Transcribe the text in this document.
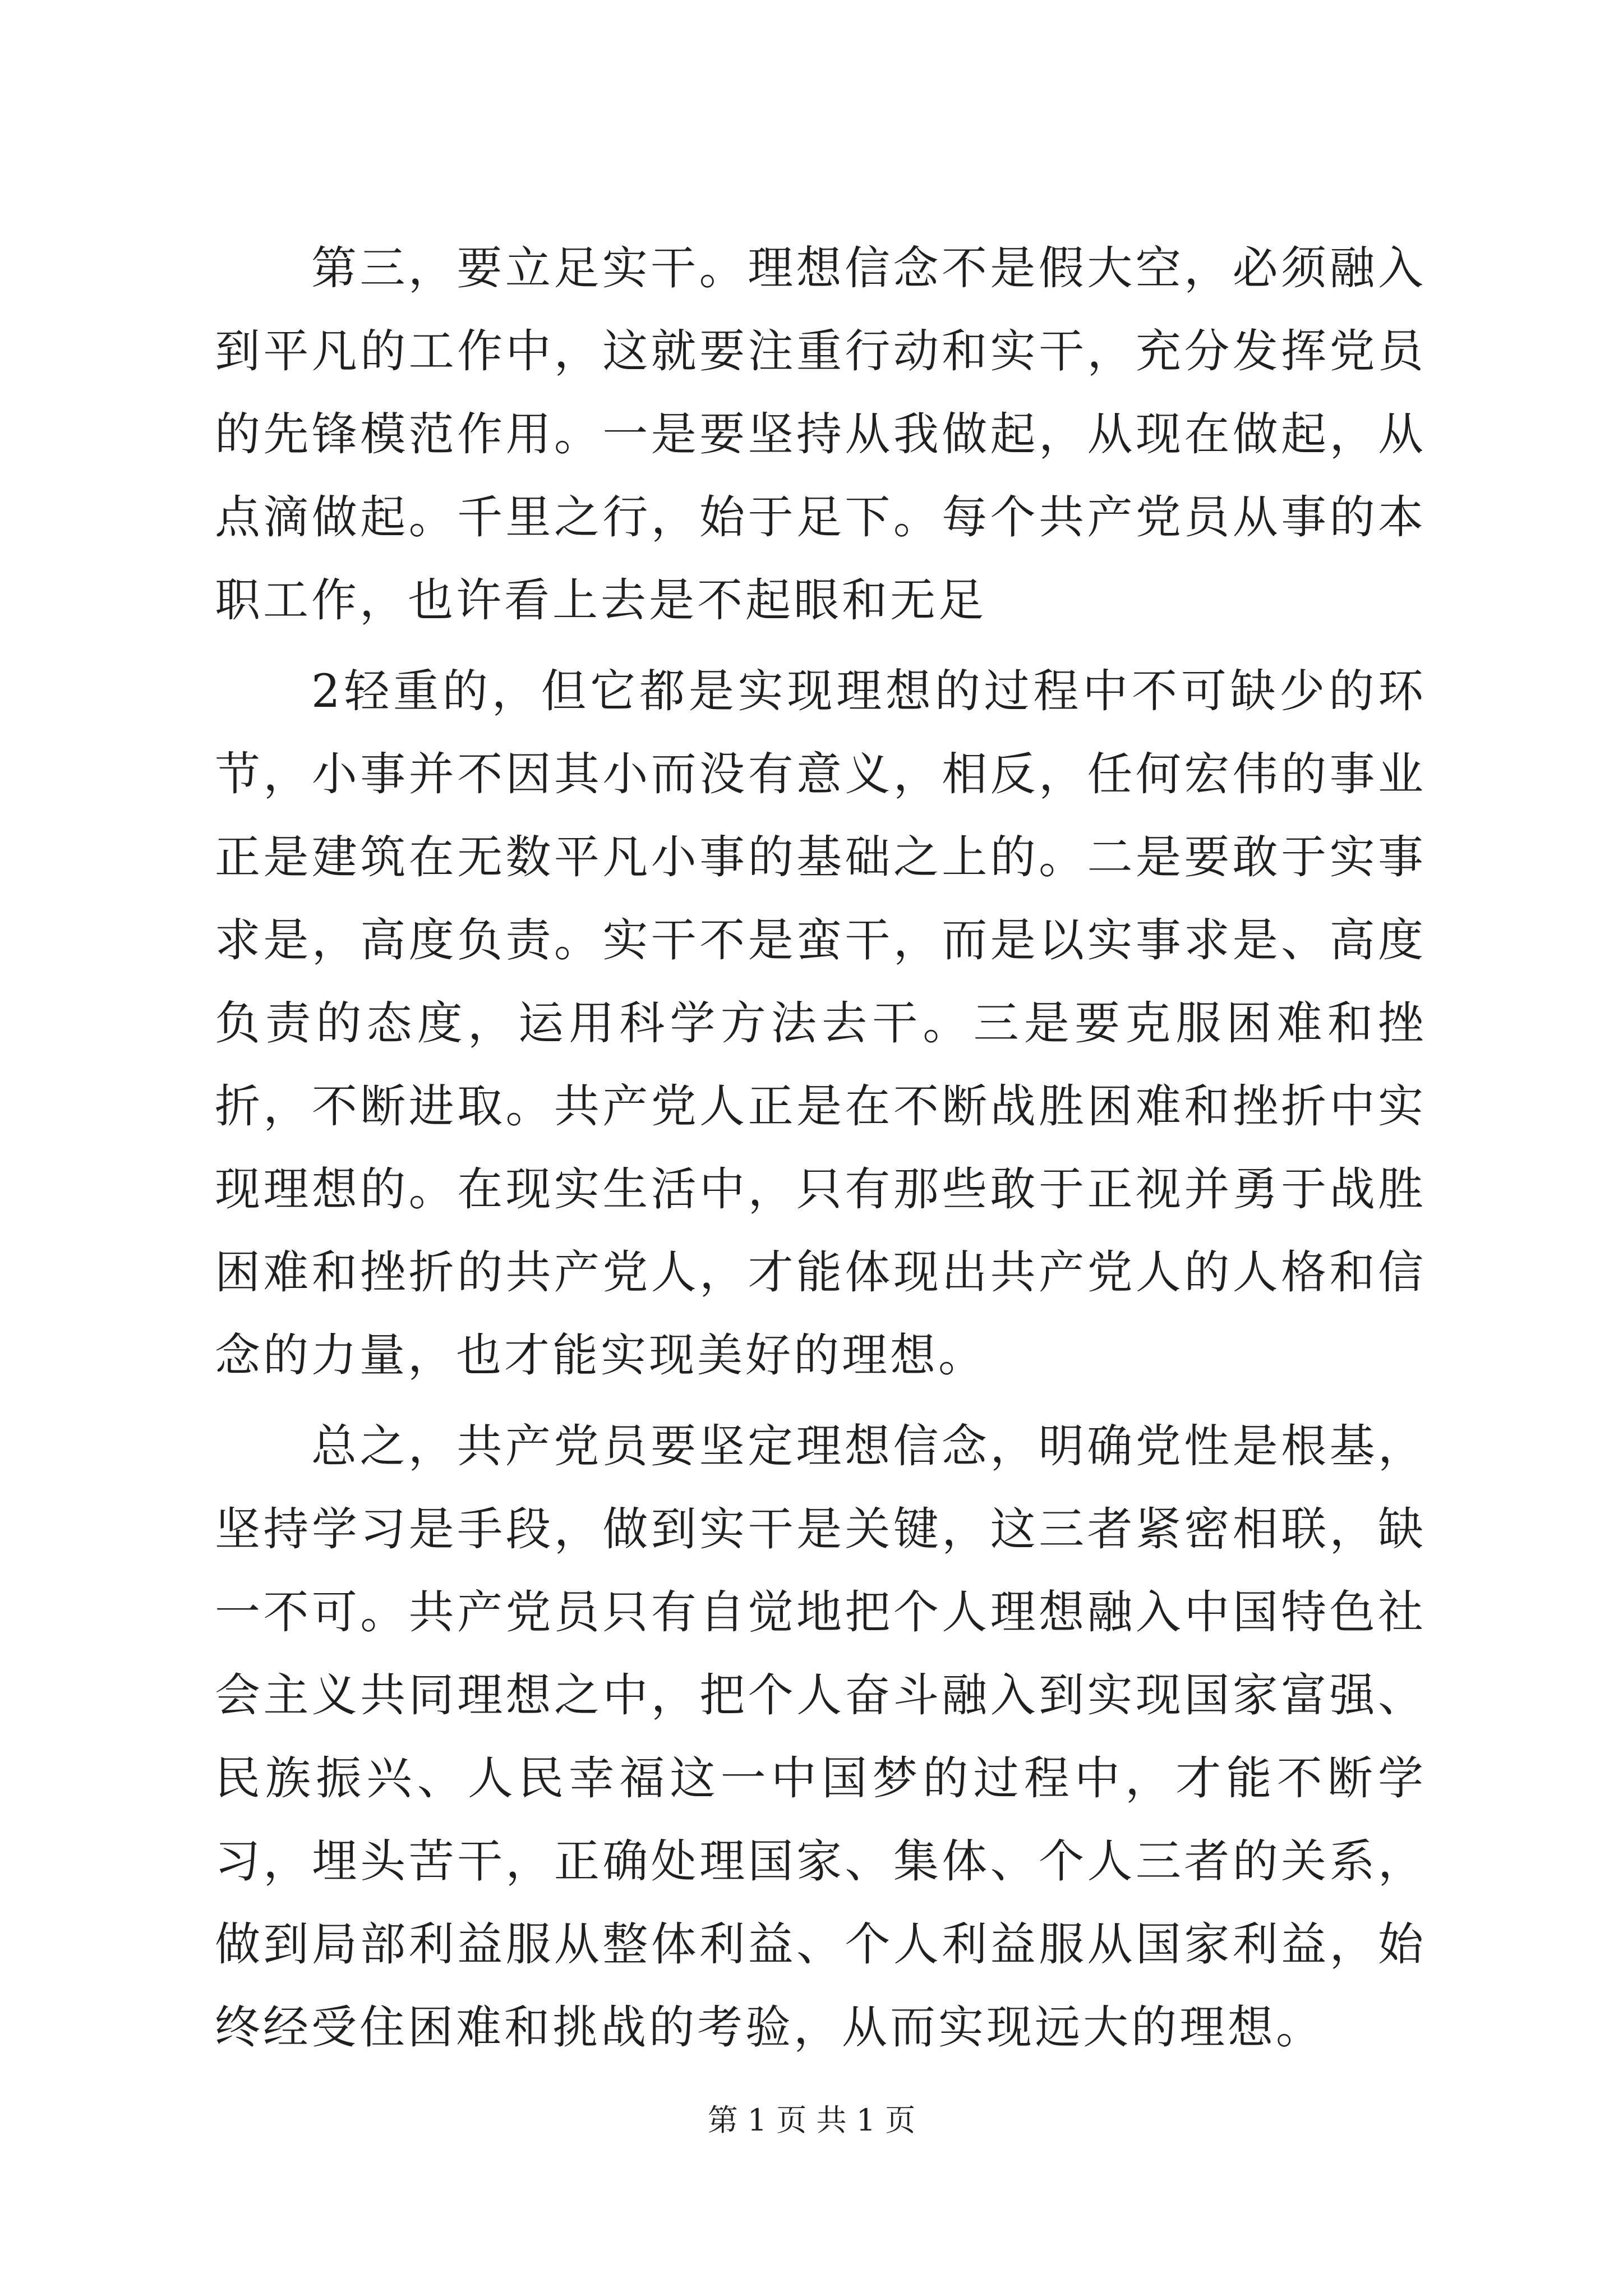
第三，要立足实干。理想信念不是假大空，必须融入到平凡的工作中，这就要注重行动和实干，充分发挥党员的先锋模范作用。一是要坚持从我做起，从现在做起，从点滴做起。千里之行，始于足下。每个共产党员从事的本职工作，也许看上去是不起眼和无足

2轻重的，但它都是实现理想的过程中不可缺少的环节，小事并不因其小而没有意义，相反，任何宏伟的事业正是建筑在无数平凡小事的基础之上的。二是要敢于实事求是，高度负责。实干不是蛮干，而是以实事求是、高度负责的态度，运用科学方法去干。三是要克服困难和挫折，不断进取。共产党人正是在不断战胜困难和挫折中实现理想的。在现实生活中，只有那些敢于正视并勇于战胜困难和挫折的共产党人，才能体现出共产党人的人格和信念的力量，也才能实现美好的理想。

总之，共产党员要坚定理想信念，明确党性是根基，坚持学习是手段，做到实干是关键，这三者紧密相联，缺一不可。共产党员只有自觉地把个人理想融入中国特色社会主义共同理想之中，把个人奋斗融入到实现国家富强、民族振兴、人民幸福这一中国梦的过程中，才能不断学习，埋头苦干，正确处理国家、集体、个人三者的关系，做到局部利益服从整体利益、个人利益服从国家利益，始终经受住困难和挑战的考验，从而实现远大的理想。

第 1 页 共 1 页
